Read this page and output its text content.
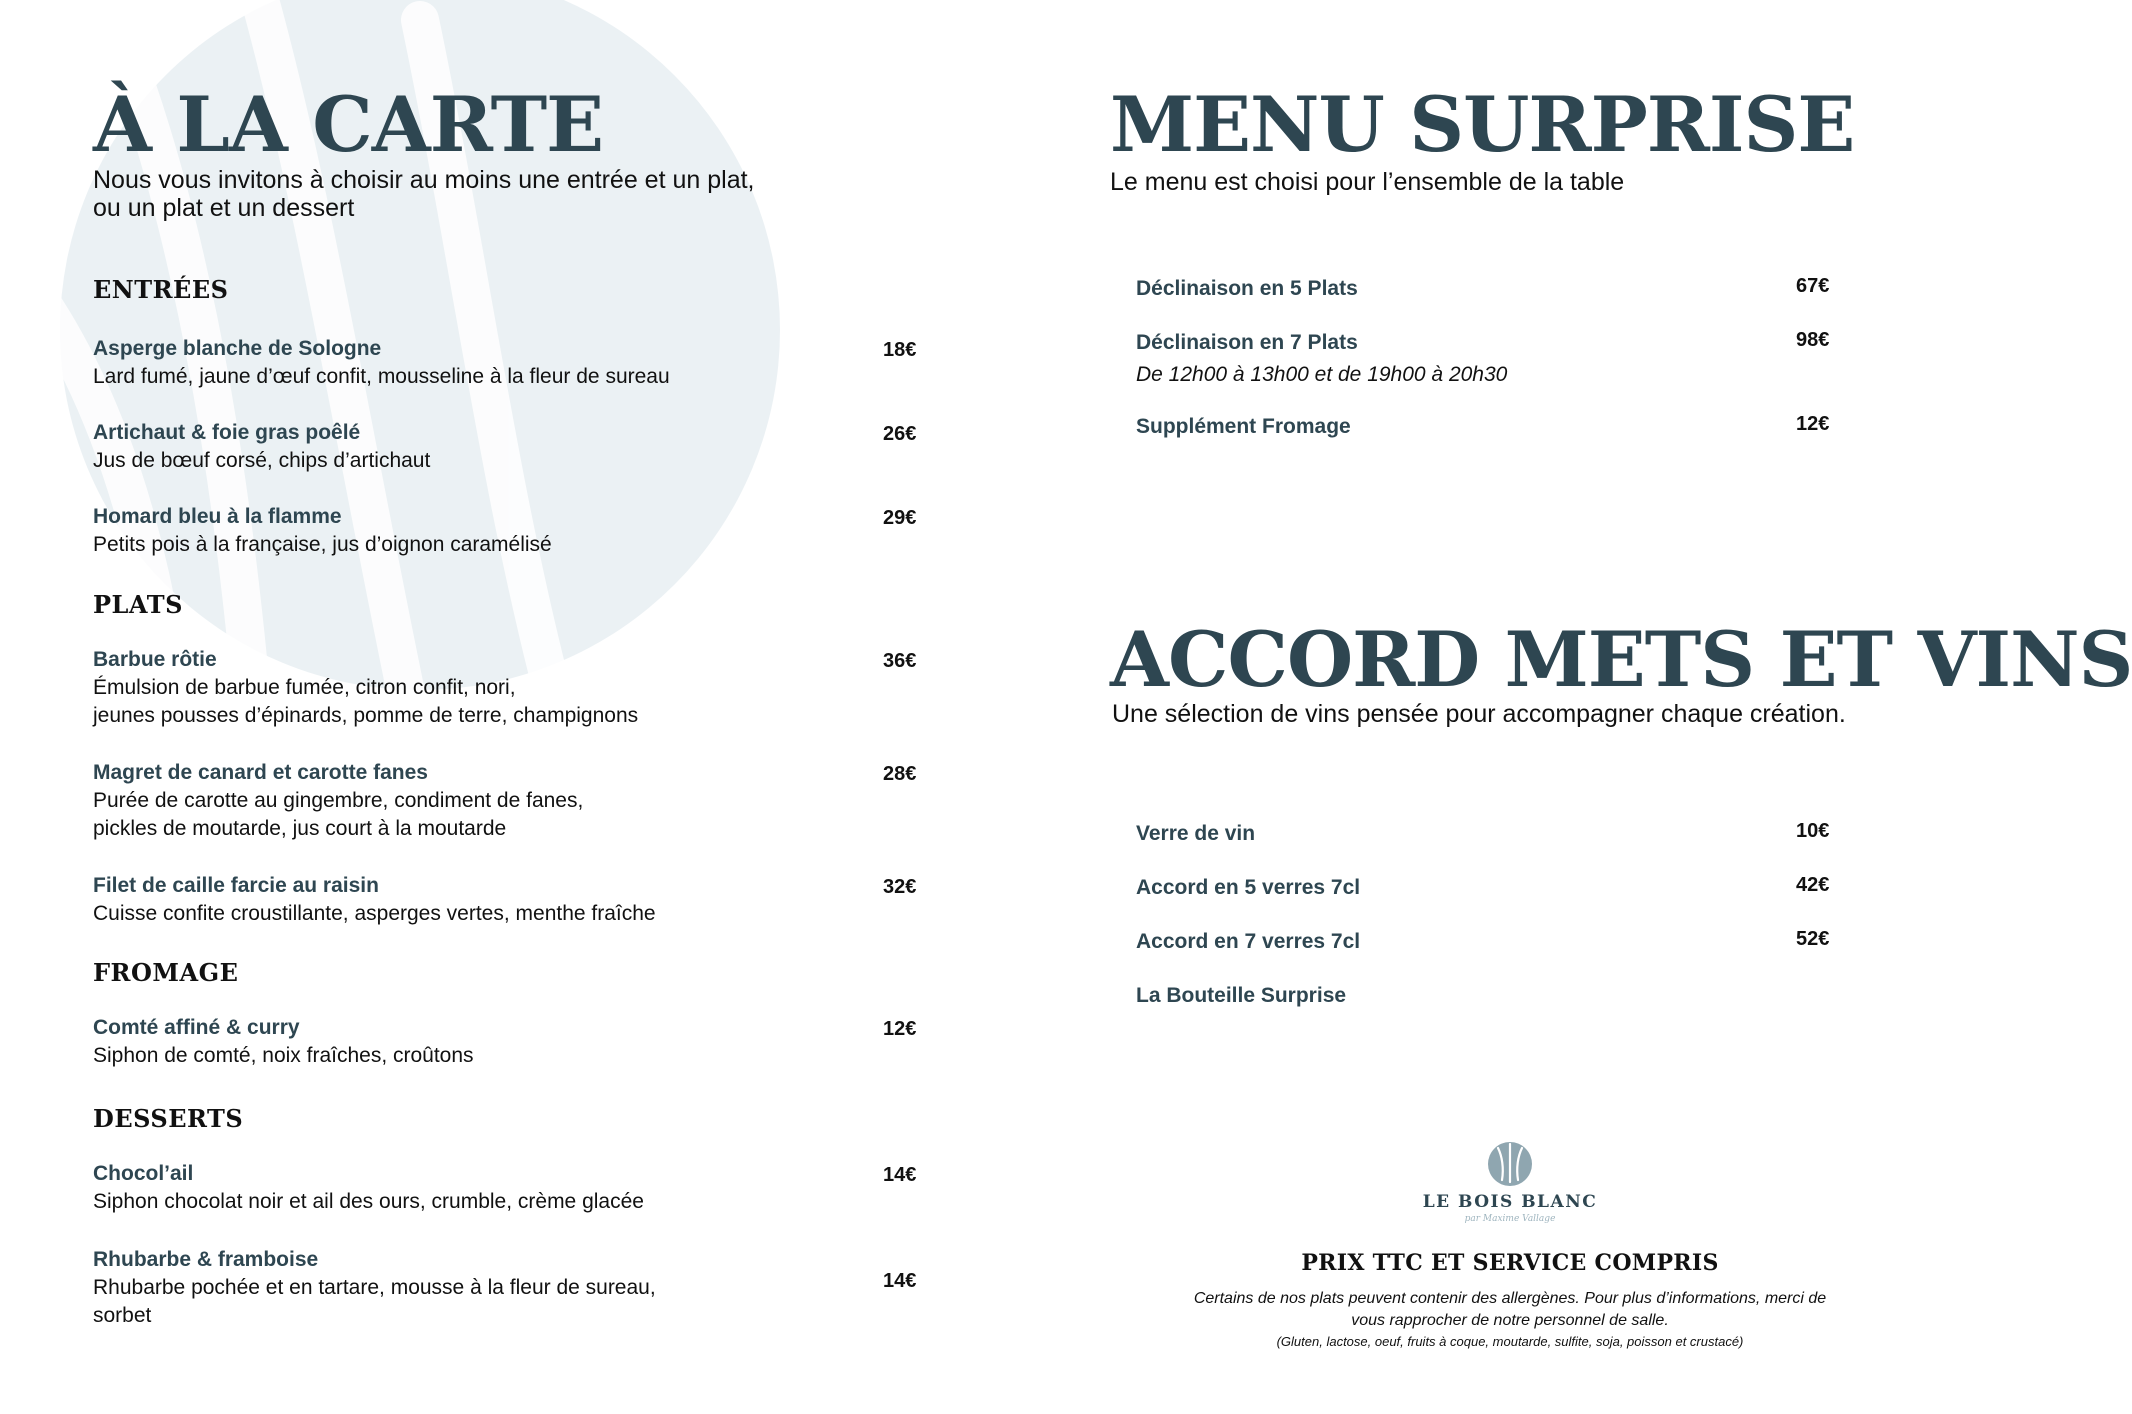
À LA CARTE
Nous vous invitons à choisir au moins une entrée et un plat,
ou un plat et un dessert
ENTRÉES
Asperge blanche de Sologne
Lard fumé, jaune d’œuf confit, mousseline à la fleur de sureau
18€
Artichaut & foie gras poêlé
Jus de bœuf corsé, chips d’artichaut
26€
Homard bleu à la flamme
Petits pois à la française, jus d’oignon caramélisé
29€
PLATS
Barbue rôtie
Émulsion de barbue fumée, citron confit, nori,
jeunes pousses d’épinards, pomme de terre, champignons
36€
Magret de canard et carotte fanes
Purée de carotte au gingembre, condiment de fanes,
pickles de moutarde, jus court à la moutarde
28€
Filet de caille farcie au raisin
Cuisse confite croustillante, asperges vertes, menthe fraîche
32€
FROMAGE
Comté affiné & curry
Siphon de comté, noix fraîches, croûtons
12€
DESSERTS
Chocol’ail
Siphon chocolat noir et ail des ours, crumble, crème glacée
14€
Rhubarbe & framboise
Rhubarbe pochée et en tartare, mousse à la fleur de sureau,
sorbet
14€
MENU SURPRISE
Le menu est choisi pour l’ensemble de la table
Déclinaison en 5 Plats	67€
Déclinaison en 7 Plats
De 12h00 à 13h00 et de 19h00 à 20h30
98€
Supplément Fromage	12€
ACCORD METS ET VINS
Une sélection de vins pensée pour accompagner chaque création.
Verre de vin	10€
Accord en 5 verres 7cl	42€
Accord en 7 verres 7cl	52€
La Bouteille Surprise
LE BOIS BLANC
par Maxime Vallage
PRIX TTC ET SERVICE COMPRIS
Certains de nos plats peuvent contenir des allergènes. Pour plus d’informations, merci de
vous rapprocher de notre personnel de salle.
(Gluten, lactose, oeuf, fruits à coque, moutarde, sulfite, soja, poisson et crustacé)
